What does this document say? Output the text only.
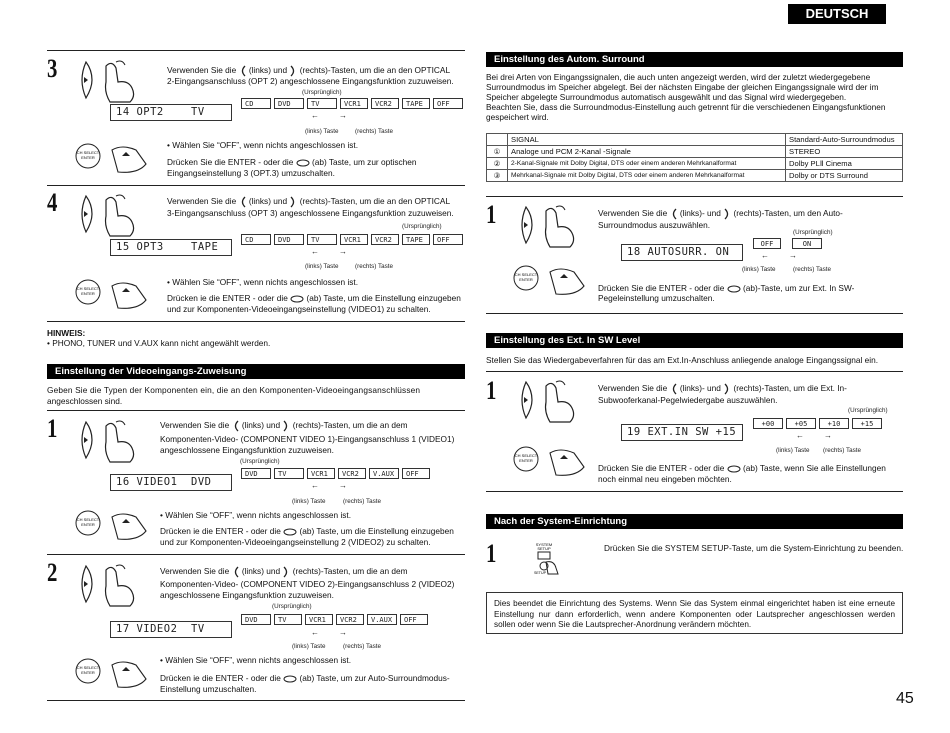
DEUTSCH
3	Verwenden Sie die (links) und (rechts)-Tasten, um die an den OPTICAL
2-Eingangsanschluss (OPT 2) angeschlossene Eingangsfunktion zuzuweisen.
(Ursprünglich)
14 OPT2    TV
CD	DVD	TV	VCR1	VCR2	TAPE	OFF
←	→
(links) Taste	(rechts) Taste
CH SELECT
ENTER
• Wählen Sie “OFF”, wenn nichts angeschlossen ist.
Drücken Sie die ENTER - oder die (ab) Taste, um zur optischen
Eingangseinstellung 3 (OPT.3) umzuschalten.
4	Verwenden Sie die (links) und (rechts)-Tasten, um die an den OPTICAL
3-Eingangsanschluss (OPT 3) angeschlossene Eingangsfunktion zuzuweisen.
(Ursprünglich)
15 OPT3    TAPE
CD	DVD	TV	VCR1	VCR2	TAPE	OFF
←	→
(links) Taste	(rechts) Taste
CH SELECT
ENTER
• Wählen Sie “OFF”, wenn nichts angeschlossen ist.
Drücken ie die ENTER - oder die (ab) Taste, um die Einstellung einzugeben
und zur Komponenten-Videoeingangseinstellung (VIDEO1) zu schalten.
HINWEIS:
• PHONO, TUNER und V.AUX kann nicht angewählt werden.
Einstellung der Videoeingangs-Zuweisung
Geben Sie die Typen der Komponenten ein, die an den Komponenten-Videoeingangsanschlüssen
angeschlossen sind.
1	Verwenden Sie die (links) und (rechts)-Tasten, um die an dem
Komponenten-Video- (COMPONENT VIDEO 1)-Eingangsanschluss 1 (VIDEO1)
angeschlossene Eingangsfunktion zuzuweisen.
(Ursprünglich)
16 VIDEO1  DVD
DVD	TV	VCR1	VCR2	V.AUX	OFF
←	→
(links) Taste	(rechts) Taste
CH SELECT
ENTER
• Wählen Sie “OFF”, wenn nichts angeschlossen ist.
Drücken ie die ENTER - oder die (ab) Taste, um die Einstellung einzugeben
und zur Komponenten-Videoeingangseinstellung 2 (VIDEO2) zu schalten.
2	Verwenden Sie die (links) und (rechts)-Tasten, um die an dem
Komponenten-Video- (COMPONENT VIDEO 2)-Eingangsanschluss 2 (VIDEO2)
angeschlossene Eingangsfunktion zuzuweisen.
(Ursprünglich)
17 VIDEO2  TV
DVD	TV	VCR1	VCR2	V.AUX	OFF
←	→
(links) Taste	(rechts) Taste
CH SELECT
ENTER
• Wählen Sie “OFF”, wenn nichts angeschlossen ist.
Drücken ie die ENTER - oder die (ab) Taste, um zur Auto-Surroundmodus-
Einstellung umzuschalten.
Einstellung des Autom. Surround
Bei drei Arten von Eingangssignalen, die auch unten angezeigt werden, wird der zuletzt wiedergegebene
Surroundmodus im Speicher abgelegt. Bei der nächsten Eingabe der gleichen Eingangssignale wird der im
Speicher abgelegte Surroundmodus automatisch ausgewählt und das Signal wird wiedergegeben.
Beachten Sie, dass die Surroundmodus-Einstellung auch getrennt für die verschiedenen Eingangsfunktionen
gespeichert wird.
	SIGNAL	Standard-Auto-Surroundmodus
①	Analoge und PCM 2-Kanal -Signale	STEREO
②	2-Kanal-Signale mit Dolby Digital, DTS oder einem anderen Mehrkanalformat	Dolby PLⅡ Cinema
③	Mehrkanal-Signale mit Dolby Digital, DTS oder einem anderen Mehrkanalformat	Dolby or DTS Surround
1	Verwenden Sie die (links)- und (rechts)-Tasten, um den Auto-
Surroundmodus auszuwählen.
(Ursprünglich)
18 AUTOSURR. ON
OFF	ON
←	→
(links) Taste	(rechts) Taste
CH SELECT
ENTER
Drücken Sie die ENTER - oder die (ab)-Taste, um zur Ext. In SW-
Pegeleinstellung umzuschalten.
Einstellung des Ext. In SW Level
Stellen Sie das Wiedergabeverfahren für das am Ext.In-Anschluss anliegende analoge Eingangssignal ein.
1	Verwenden Sie die (links)- und (rechts)-Tasten, um die Ext. In-
Subwooferkanal-Pegelwiedergabe auszuwählen.
(Ursprünglich)
19 EXT.IN SW +15
+00	+05	+10	+15
←	→
(links) Taste (rechts) Taste
CH SELECT
ENTER
Drücken Sie die ENTER - oder die (ab) Taste, wenn Sie alle Einstellungen
noch einmal neu eingeben möchten.
Nach der System-Einrichtung
1	SYSTEM
SETUP
SETUP
Drücken Sie die SYSTEM SETUP-Taste, um die System-Einrichtung zu beenden.
Dies beendet die Einrichtung des Systems. Wenn Sie das System einmal eingerichtet haben ist eine erneute Einstellung nur dann erforderlich, wenn andere Komponenten oder Lautsprecher angeschlossen werden sollen oder wenn Sie die Lautsprecher-Anordnung verändern möchten.
45
